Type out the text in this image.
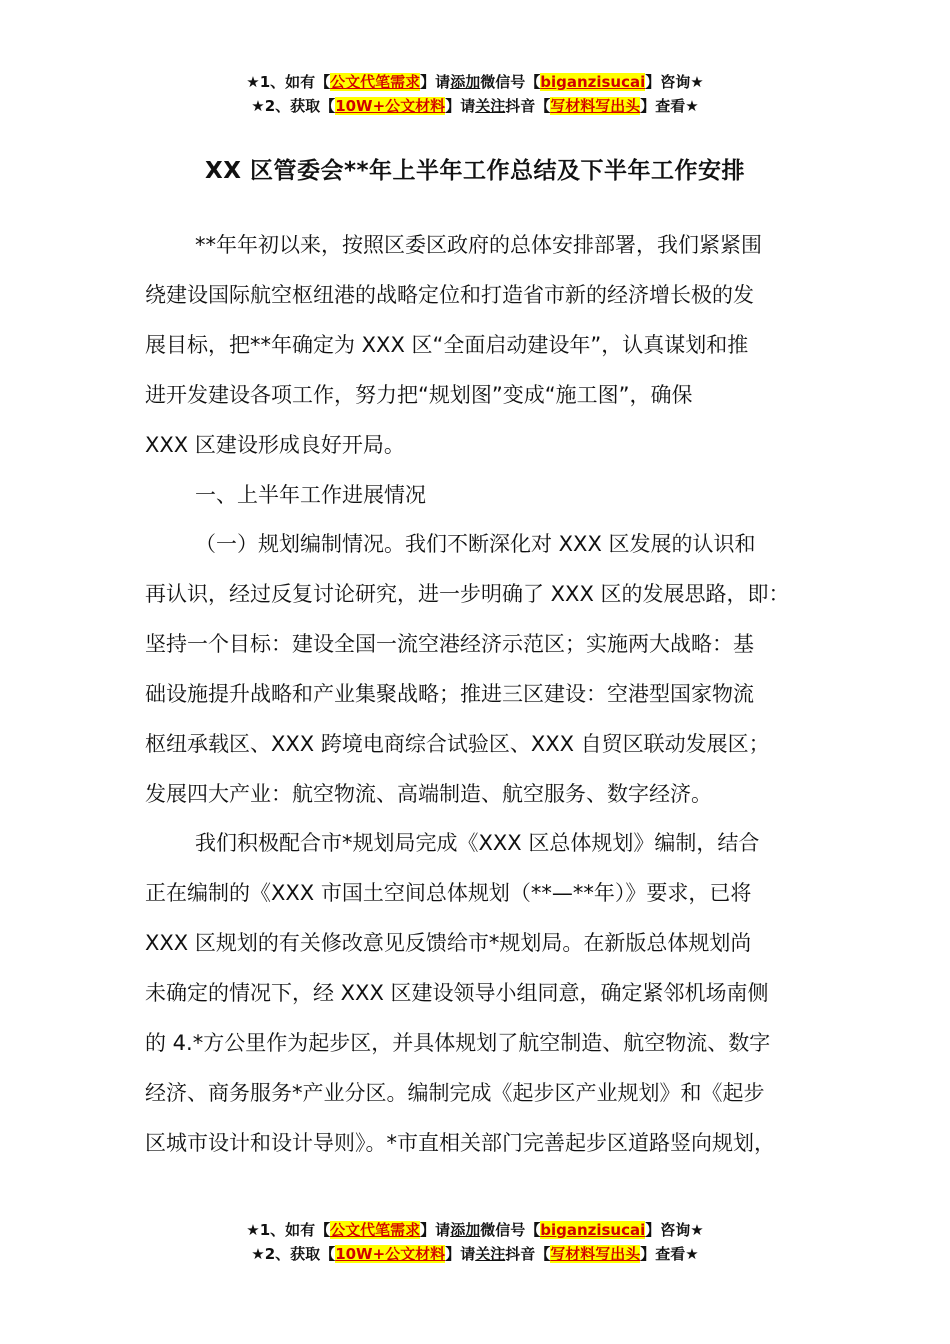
★1、如有【公文代笔需求】请添加微信号【biganzisucai】咨询★
★2、获取【10W+公文材料】请关注抖音【写材料写出头】查看★
XX 区管委会**年上半年工作总结及下半年工作安排
**年年初以来，按照区委区政府的总体安排部署，我们紧紧围
绕建设国际航空枢纽港的战略定位和打造省市新的经济增长极的发
展目标，把**年确定为 XXX 区“全面启动建设年”，认真谋划和推
进开发建设各项工作，努力把“规划图”变成“施工图”，确保
XXX 区建设形成良好开局。
一、上半年工作进展情况
（一）规划编制情况。我们不断深化对 XXX 区发展的认识和
再认识，经过反复讨论研究，进一步明确了 XXX 区的发展思路，即：
坚持一个目标：建设全国一流空港经济示范区；实施两大战略：基
础设施提升战略和产业集聚战略；推进三区建设：空港型国家物流
枢纽承载区、XXX 跨境电商综合试验区、XXX 自贸区联动发展区；
发展四大产业：航空物流、高端制造、航空服务、数字经济。
我们积极配合市*规划局完成《XXX 区总体规划》编制，结合
正在编制的《XXX 市国土空间总体规划（**—**年）》要求，已将
XXX 区规划的有关修改意见反馈给市*规划局。在新版总体规划尚
未确定的情况下，经 XXX 区建设领导小组同意，确定紧邻机场南侧
的 4.*方公里作为起步区，并具体规划了航空制造、航空物流、数字
经济、商务服务*产业分区。编制完成《起步区产业规划》和《起步
区城市设计和设计导则》。*市直相关部门完善起步区道路竖向规划，
★1、如有【公文代笔需求】请添加微信号【biganzisucai】咨询★
★2、获取【10W+公文材料】请关注抖音【写材料写出头】查看★
